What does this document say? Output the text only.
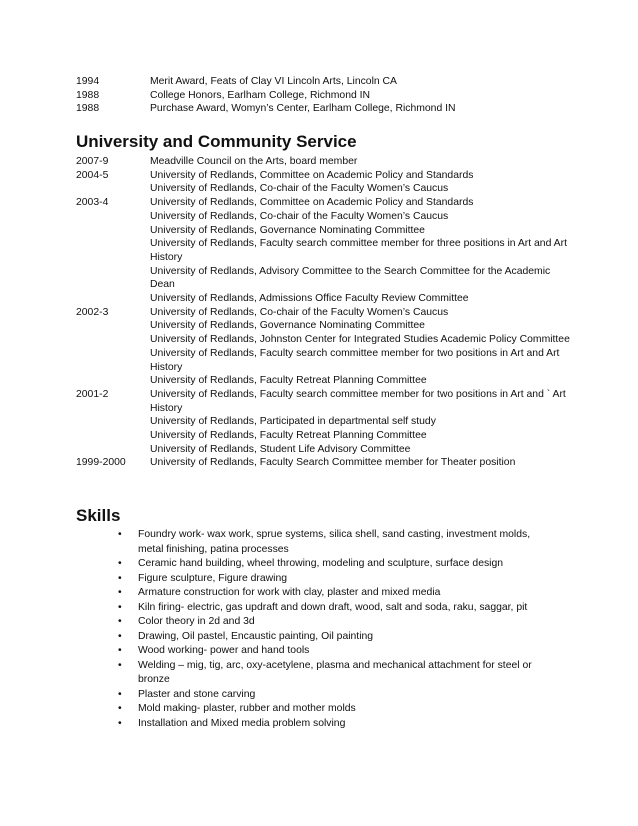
1994	Merit Award, Feats of Clay VI Lincoln Arts, Lincoln CA
1988	College Honors, Earlham College, Richmond IN
1988	Purchase Award, Womyn’s Center, Earlham College, Richmond IN
University and Community Service
2007-9	Meadville Council on the Arts, board member
2004-5	University of Redlands, Committee on Academic Policy and Standards
University of Redlands, Co-chair of the Faculty Women’s Caucus
2003-4	University of Redlands, Committee on Academic Policy and Standards
University of Redlands, Co-chair of the Faculty Women’s Caucus
University of Redlands, Governance Nominating Committee
University of Redlands, Faculty search committee member for three positions in Art and Art History
University of Redlands, Advisory Committee to the Search Committee for the Academic Dean
University of Redlands, Admissions Office Faculty Review Committee
2002-3	University of Redlands, Co-chair of the Faculty Women’s Caucus
University of Redlands, Governance Nominating Committee
University of Redlands, Johnston Center for Integrated Studies Academic Policy Committee
University of Redlands, Faculty search committee member for two positions in Art and Art History
University of Redlands, Faculty Retreat Planning Committee
2001-2	University of Redlands, Faculty search committee member for two positions in Art and ` Art History
University of Redlands, Participated in departmental self study
University of Redlands, Faculty Retreat Planning Committee
University of Redlands, Student Life Advisory Committee
1999-2000 University of Redlands, Faculty Search Committee member for Theater position
Skills
• Foundry work- wax work, sprue systems, silica shell, sand casting, investment molds, metal finishing, patina processes
• Ceramic hand building, wheel throwing, modeling and sculpture, surface design
• Figure sculpture, Figure drawing
• Armature construction for work with clay, plaster and mixed media
• Kiln firing- electric, gas updraft and down draft, wood, salt and soda, raku, saggar, pit
• Color theory in 2d and 3d
• Drawing, Oil pastel, Encaustic painting, Oil painting
• Wood working- power and hand tools
• Welding – mig, tig, arc, oxy-acetylene, plasma and mechanical attachment for steel or bronze
• Plaster and stone carving
• Mold making- plaster, rubber and mother molds
• Installation and Mixed media problem solving
